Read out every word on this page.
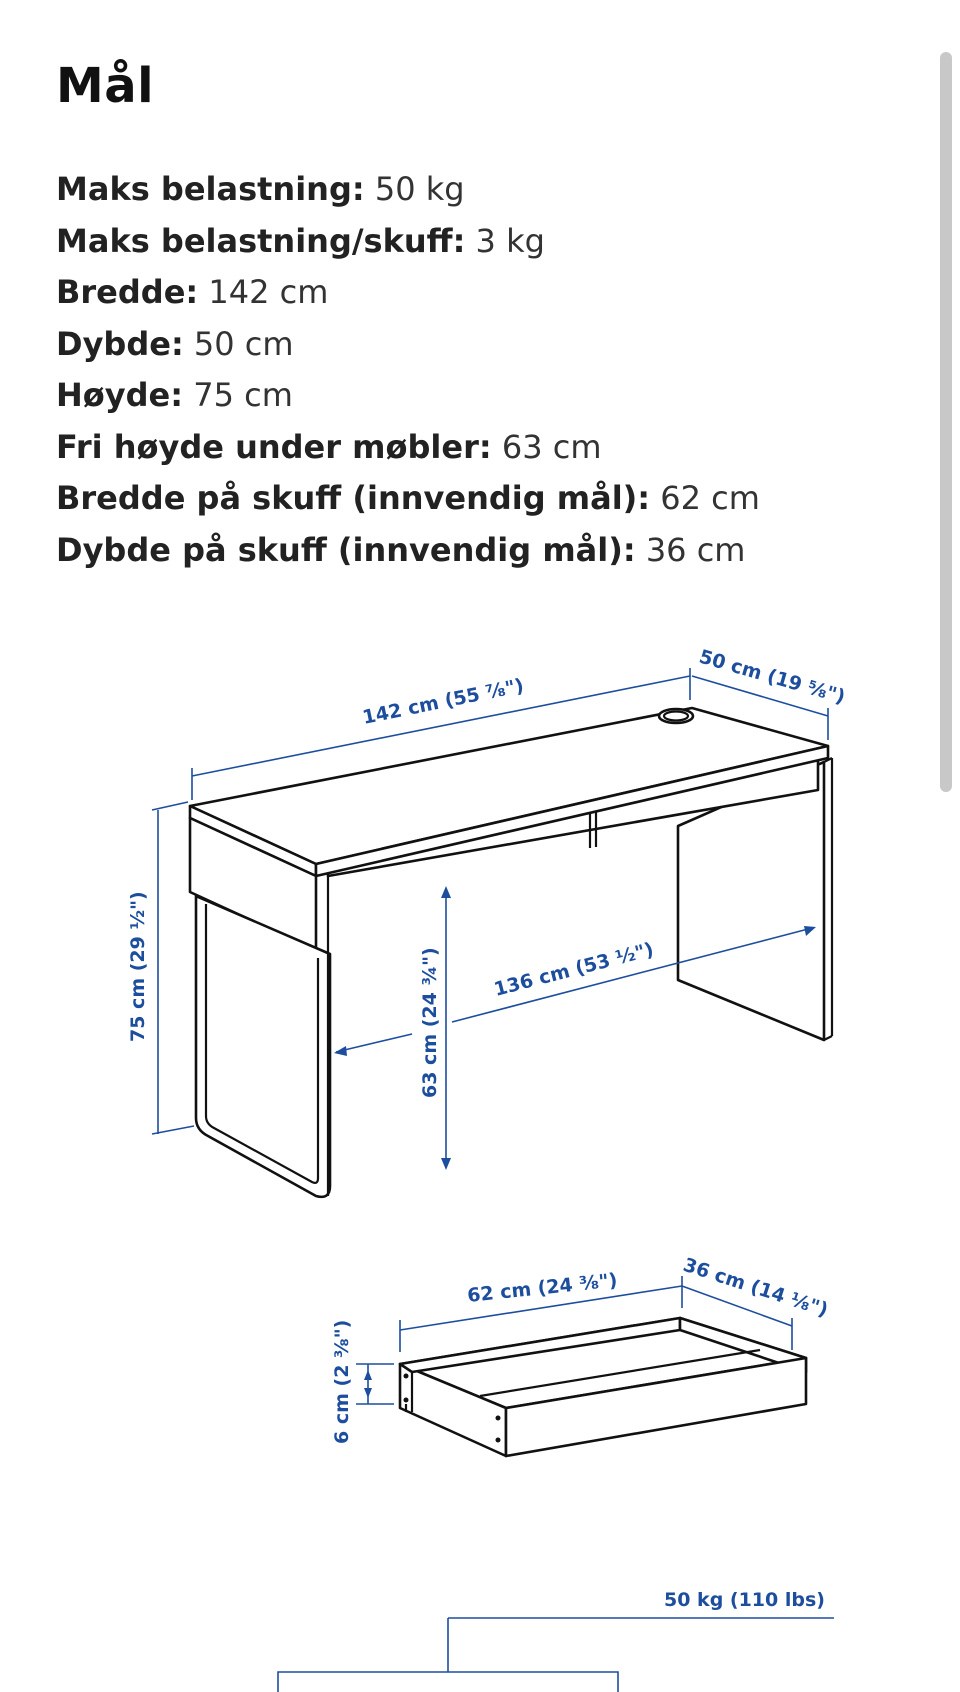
Mål
Maks belastning: 50 kg
Maks belastning/skuff: 3 kg
Bredde: 142 cm
Dybde: 50 cm
Høyde: 75 cm
Fri høyde under møbler: 63 cm
Bredde på skuff (innvendig mål): 62 cm
Dybde på skuff (innvendig mål): 36 cm
142 cm (55 ⅞")	50 cm (19 ⅝")
75 cm (29 ½")	63 cm (24 ¾")	136 cm (53 ½")
62 cm (24 ⅜")	36 cm (14 ⅛")
6 cm (2 ⅜")
50 kg (110 lbs)
